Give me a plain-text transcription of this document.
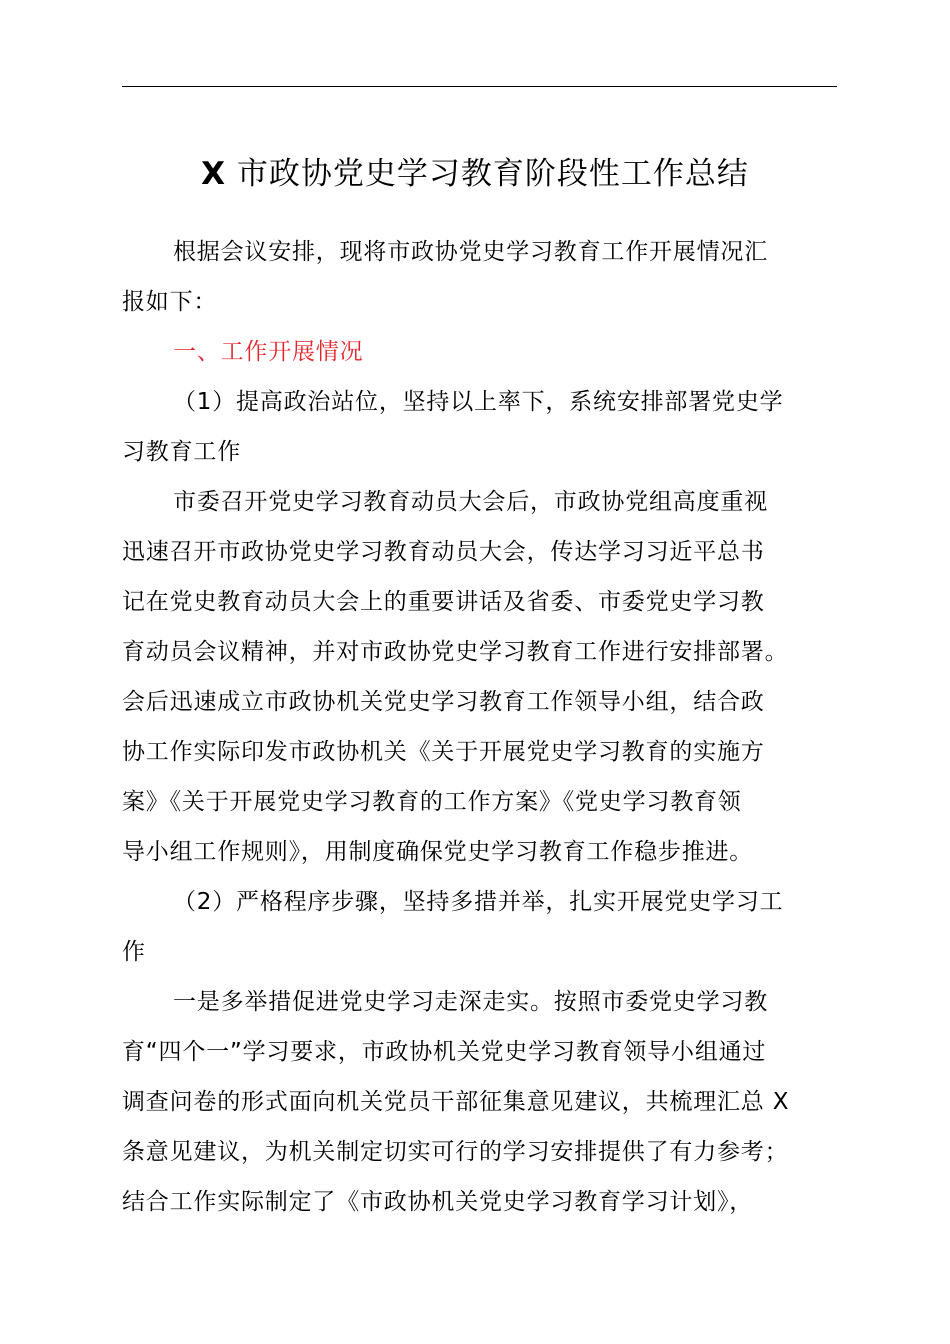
X 市政协党史学习教育阶段性工作总结
根据会议安排，现将市政协党史学习教育工作开展情况汇
报如下：
一、工作开展情况
（1）提高政治站位，坚持以上率下，系统安排部署党史学
习教育工作
市委召开党史学习教育动员大会后，市政协党组高度重视
迅速召开市政协党史学习教育动员大会，传达学习习近平总书
记在党史教育动员大会上的重要讲话及省委、市委党史学习教
育动员会议精神，并对市政协党史学习教育工作进行安排部署。
会后迅速成立市政协机关党史学习教育工作领导小组，结合政
协工作实际印发市政协机关《关于开展党史学习教育的实施方
案》《关于开展党史学习教育的工作方案》《党史学习教育领
导小组工作规则》，用制度确保党史学习教育工作稳步推进。
（2）严格程序步骤，坚持多措并举，扎实开展党史学习工
作
一是多举措促进党史学习走深走实。按照市委党史学习教
育“四个一”学习要求，市政协机关党史学习教育领导小组通过
调查问卷的形式面向机关党员干部征集意见建议，共梳理汇总 X
条意见建议，为机关制定切实可行的学习安排提供了有力参考；
结合工作实际制定了《市政协机关党史学习教育学习计划》，
